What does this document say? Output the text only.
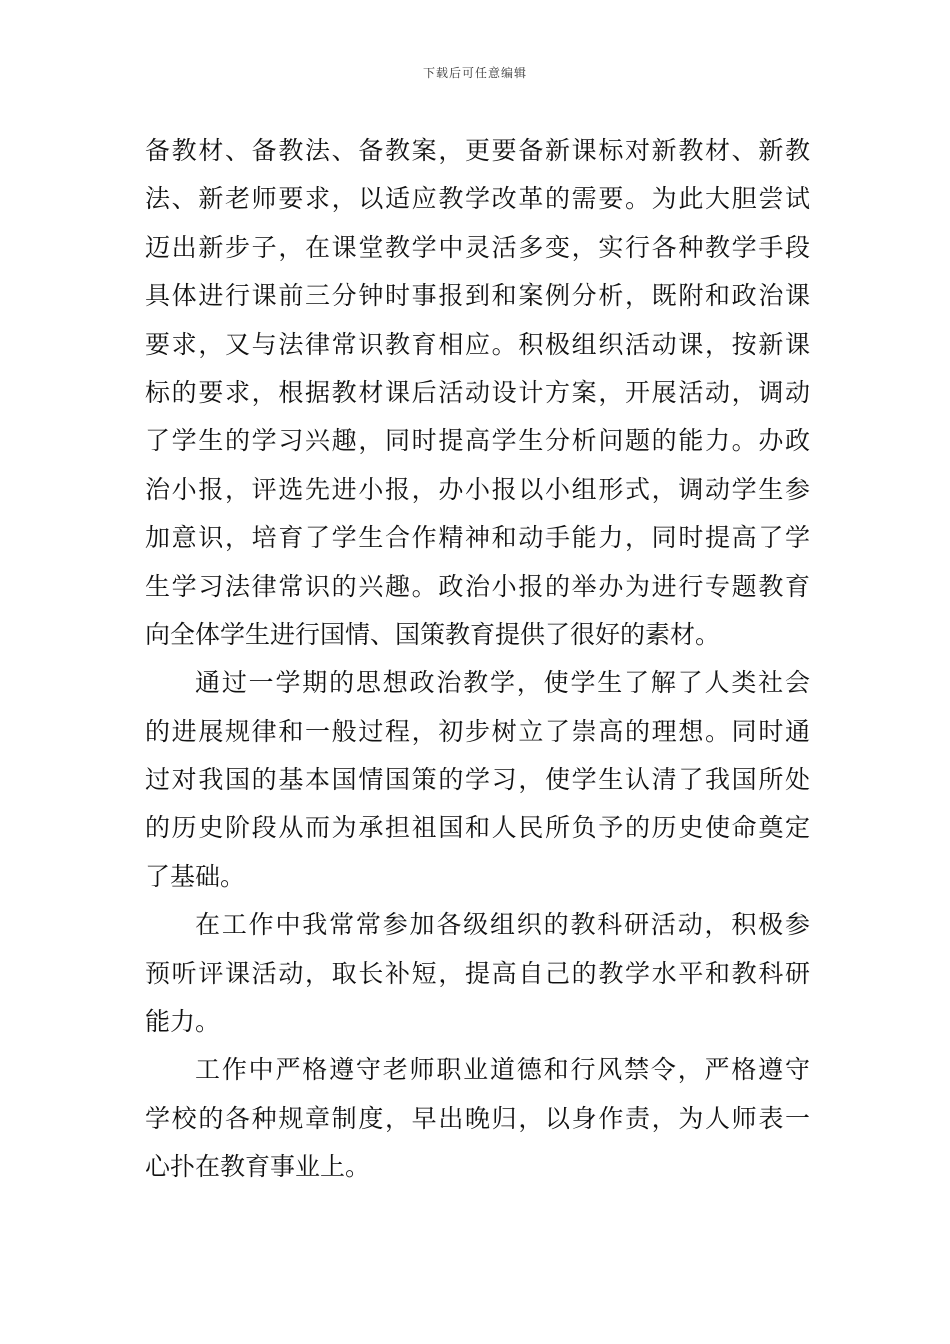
下载后可任意编辑
备教材、备教法、备教案，更要备新课标对新教材、新教
法、新老师要求，以适应教学改革的需要。为此大胆尝试
迈出新步子，在课堂教学中灵活多变，实行各种教学手段
具体进行课前三分钟时事报到和案例分析，既附和政治课
要求，又与法律常识教育相应。积极组织活动课，按新课
标的要求，根据教材课后活动设计方案，开展活动，调动
了学生的学习兴趣，同时提高学生分析问题的能力。办政
治小报，评选先进小报，办小报以小组形式，调动学生参
加意识，培育了学生合作精神和动手能力，同时提高了学
生学习法律常识的兴趣。政治小报的举办为进行专题教育
向全体学生进行国情、国策教育提供了很好的素材。
通过一学期的思想政治教学，使学生了解了人类社会
的进展规律和一般过程，初步树立了崇高的理想。同时通
过对我国的基本国情国策的学习，使学生认清了我国所处
的历史阶段从而为承担祖国和人民所负予的历史使命奠定
了基础。
在工作中我常常参加各级组织的教科研活动，积极参
预听评课活动，取长补短，提高自己的教学水平和教科研
能力。
工作中严格遵守老师职业道德和行风禁令，严格遵守
学校的各种规章制度，早出晚归，以身作责，为人师表一
心扑在教育事业上。
